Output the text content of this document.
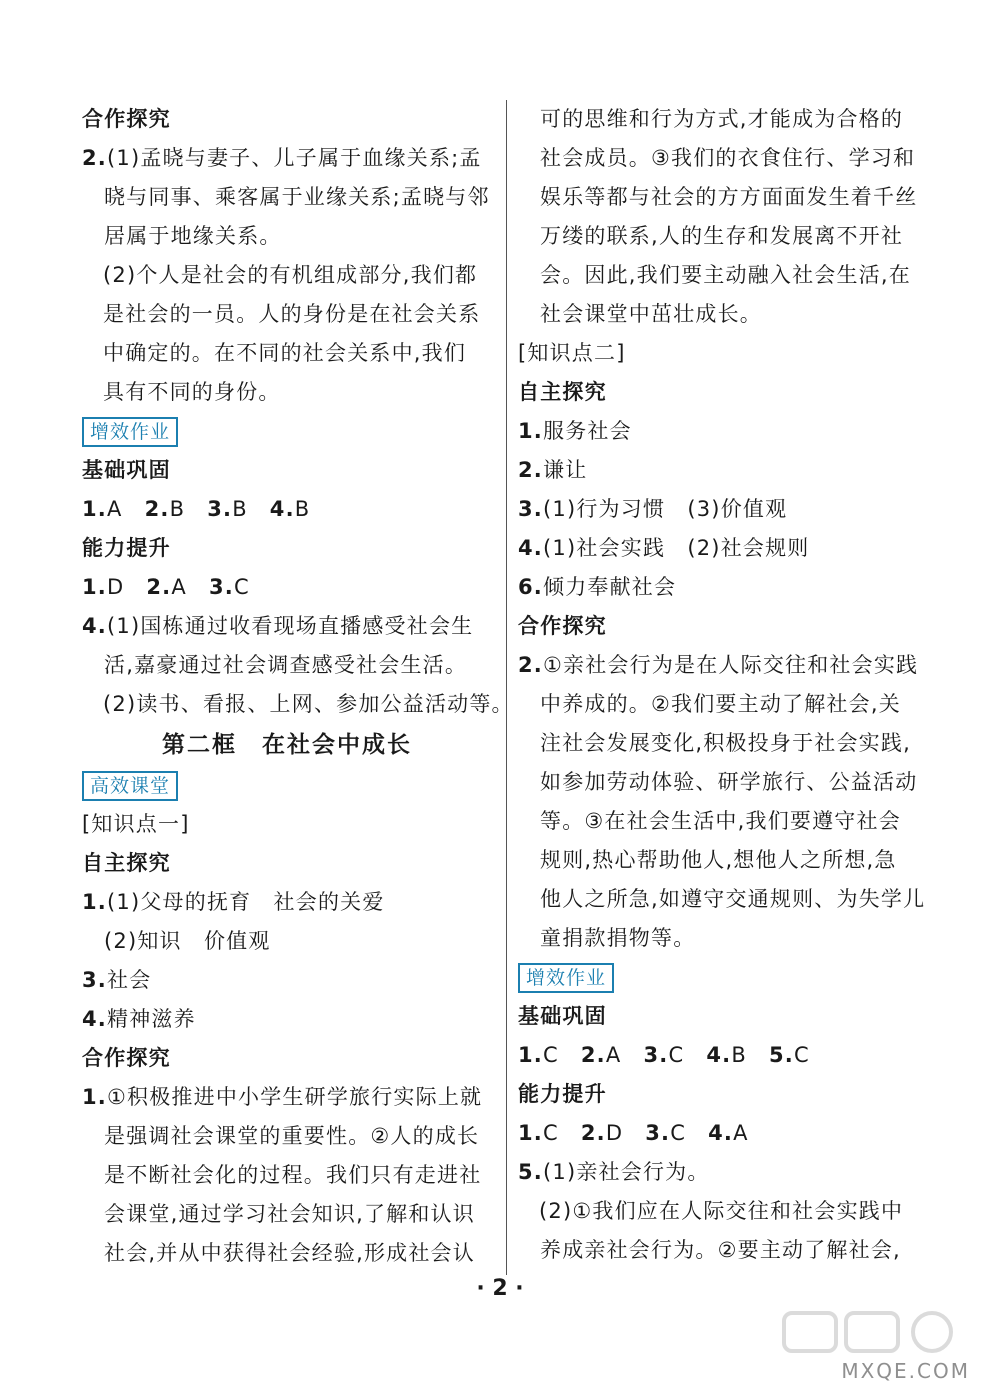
合作探究
2.(1)孟晓与妻子、儿子属于血缘关系;孟
晓与同事、乘客属于业缘关系;孟晓与邻
居属于地缘关系。
(2)个人是社会的有机组成部分,我们都
是社会的一员。人的身份是在社会关系
中确定的。在不同的社会关系中,我们
具有不同的身份。
增效作业
基础巩固
1.A 2.B 3.B 4.B
能力提升
1.D 2.A 3.C
4.(1)国栋通过收看现场直播感受社会生
活,嘉豪通过社会调查感受社会生活。
(2)读书、看报、上网、参加公益活动等。
第二框　在社会中成长
高效课堂
[知识点一]
自主探究
1.(1)父母的抚育　社会的关爱
(2)知识　价值观
3.社会
4.精神滋养
合作探究
1.①积极推进中小学生研学旅行实际上就
是强调社会课堂的重要性。②人的成长
是不断社会化的过程。我们只有走进社
会课堂,通过学习社会知识,了解和认识
社会,并从中获得社会经验,形成社会认
可的思维和行为方式,才能成为合格的
社会成员。③我们的衣食住行、学习和
娱乐等都与社会的方方面面发生着千丝
万缕的联系,人的生存和发展离不开社
会。因此,我们要主动融入社会生活,在
社会课堂中茁壮成长。
[知识点二]
自主探究
1.服务社会
2.谦让
3.(1)行为习惯　(3)价值观
4.(1)社会实践　(2)社会规则
6.倾力奉献社会
合作探究
2.①亲社会行为是在人际交往和社会实践
中养成的。②我们要主动了解社会,关
注社会发展变化,积极投身于社会实践,
如参加劳动体验、研学旅行、公益活动
等。③在社会生活中,我们要遵守社会
规则,热心帮助他人,想他人之所想,急
他人之所急,如遵守交通规则、为失学儿
童捐款捐物等。
增效作业
基础巩固
1.C 2.A 3.C 4.B 5.C
能力提升
1.C 2.D 3.C 4.A
5.(1)亲社会行为。
(2)①我们应在人际交往和社会实践中
养成亲社会行为。②要主动了解社会,
· 2 ·
MXQE.COM
